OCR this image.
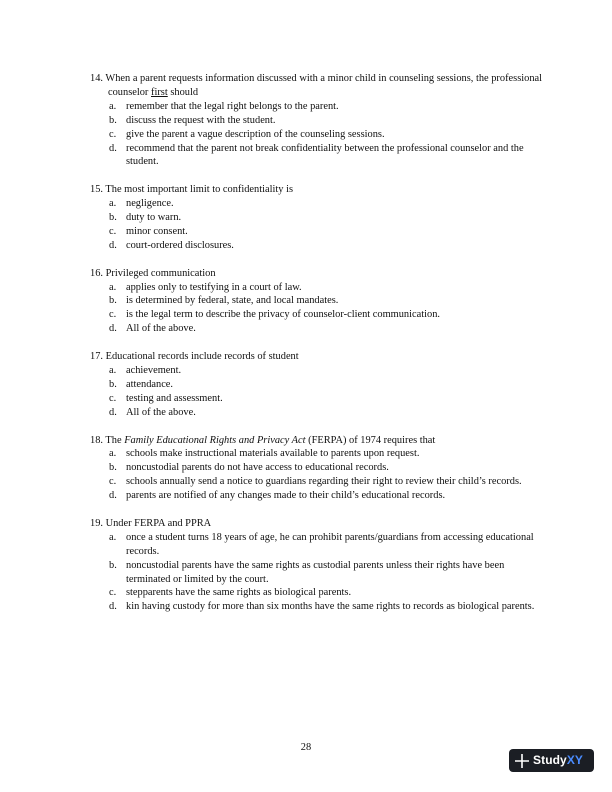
14. When a parent requests information discussed with a minor child in counseling sessions, the professional counselor first should
a. remember that the legal right belongs to the parent.
b. discuss the request with the student.
c. give the parent a vague description of the counseling sessions.
d. recommend that the parent not break confidentiality between the professional counselor and the student.
15. The most important limit to confidentiality is
a. negligence.
b. duty to warn.
c. minor consent.
d. court-ordered disclosures.
16. Privileged communication
a. applies only to testifying in a court of law.
b. is determined by federal, state, and local mandates.
c. is the legal term to describe the privacy of counselor-client communication.
d. All of the above.
17. Educational records include records of student
a. achievement.
b. attendance.
c. testing and assessment.
d. All of the above.
18. The Family Educational Rights and Privacy Act (FERPA) of 1974 requires that
a. schools make instructional materials available to parents upon request.
b. noncustodial parents do not have access to educational records.
c. schools annually send a notice to guardians regarding their right to review their child’s records.
d. parents are notified of any changes made to their child’s educational records.
19. Under FERPA and PPRA
a. once a student turns 18 years of age, he can prohibit parents/guardians from accessing educational records.
b. noncustodial parents have the same rights as custodial parents unless their rights have been terminated or limited by the court.
c. stepparents have the same rights as biological parents.
d. kin having custody for more than six months have the same rights to records as biological parents.
28
Study XY
